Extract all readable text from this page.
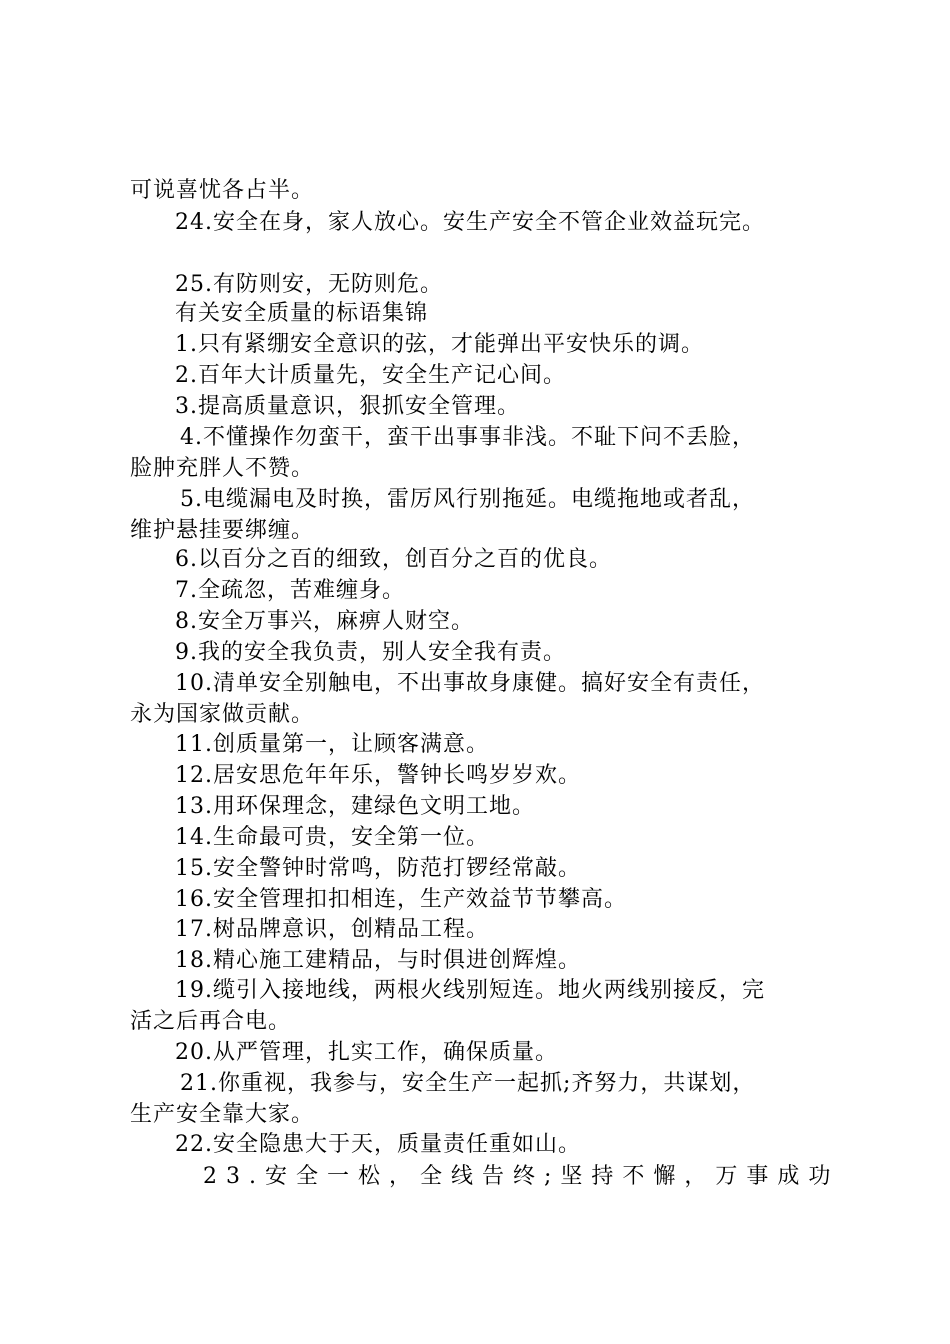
可说喜忧各占半。
24.安全在身，家人放心。安生产安全不管企业效益玩完。
25.有防则安，无防则危。
有关安全质量的标语集锦
1.只有紧绷安全意识的弦，才能弹出平安快乐的调。
2.百年大计质量先，安全生产记心间。
3.提高质量意识，狠抓安全管理。
4.不懂操作勿蛮干，蛮干出事事非浅。不耻下问不丢脸，
脸肿充胖人不赞。
5.电缆漏电及时换，雷厉风行别拖延。电缆拖地或者乱，
维护悬挂要绑缠。
6.以百分之百的细致，创百分之百的优良。
7.全疏忽，苦难缠身。
8.安全万事兴，麻痹人财空。
9.我的安全我负责，别人安全我有责。
10.清单安全别触电，不出事故身康健。搞好安全有责任，
永为国家做贡献。
11.创质量第一，让顾客满意。
12.居安思危年年乐，警钟长鸣岁岁欢。
13.用环保理念，建绿色文明工地。
14.生命最可贵，安全第一位。
15.安全警钟时常鸣，防范打锣经常敲。
16.安全管理扣扣相连，生产效益节节攀高。
17.树品牌意识，创精品工程。
18.精心施工建精品，与时俱进创辉煌。
19.缆引入接地线，两根火线别短连。地火两线别接反，完
活之后再合电。
20.从严管理，扎实工作，确保质量。
21.你重视，我参与，安全生产一起抓;齐努力，共谋划，
生产安全靠大家。
22.安全隐患大于天，质量责任重如山。
23.安全一松，全线告终;坚持不懈，万事成功
